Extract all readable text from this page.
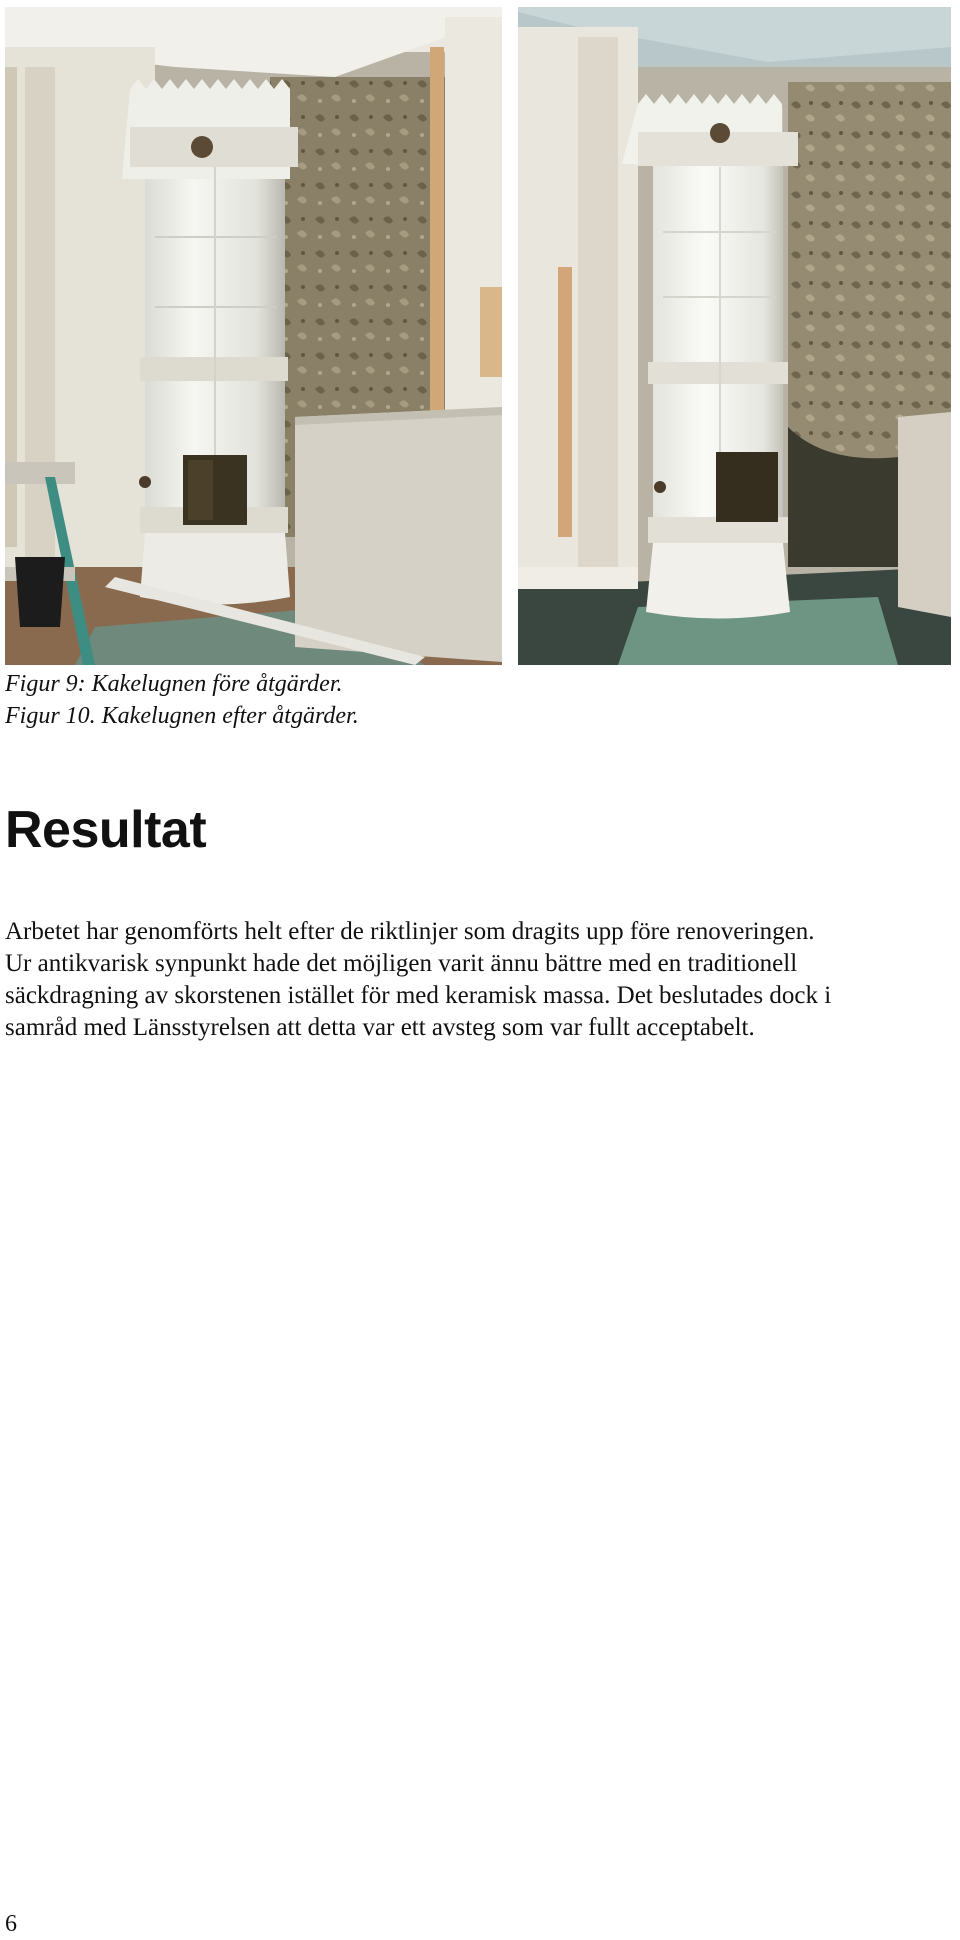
Figur 9: Kakelugnen före åtgärder.

Figur 10. Kakelugnen efter åtgärder.

Resultat

Arbetet har genomförts helt efter de riktlinjer som dragits upp före renoveringen.
Ur antikvarisk synpunkt hade det möjligen varit ännu bättre med en traditionell
säckdragning av skorstenen istället för med keramisk massa. Det beslutades dock i
samråd med Länsstyrelsen att detta var ett avsteg som var fullt acceptabelt.

6
